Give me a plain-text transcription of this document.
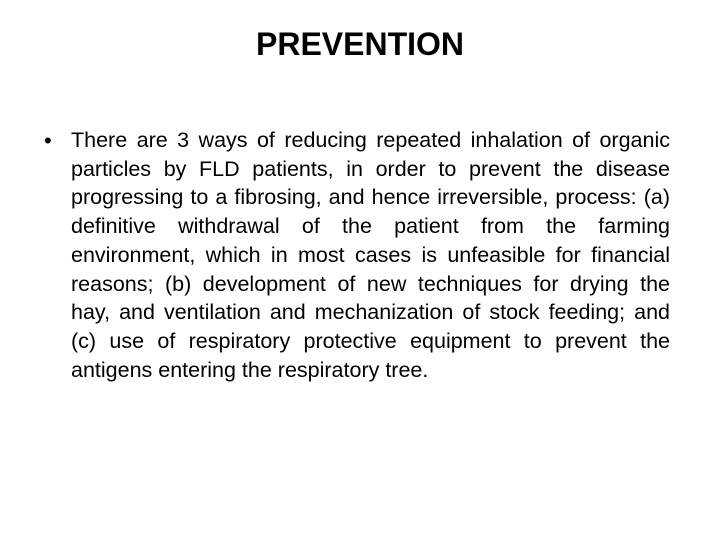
PREVENTION
• There are 3 ways of reducing repeated inhalation of organic particles by FLD patients, in order to prevent the disease progressing to a fibrosing, and hence irreversible, process: (a) definitive withdrawal of the patient from the farming environment, which in most cases is unfeasible for financial reasons; (b) development of new techniques for drying the hay, and ventilation and mechanization of stock feeding; and (c) use of respiratory protective equipment to prevent the antigens entering the respiratory tree.
